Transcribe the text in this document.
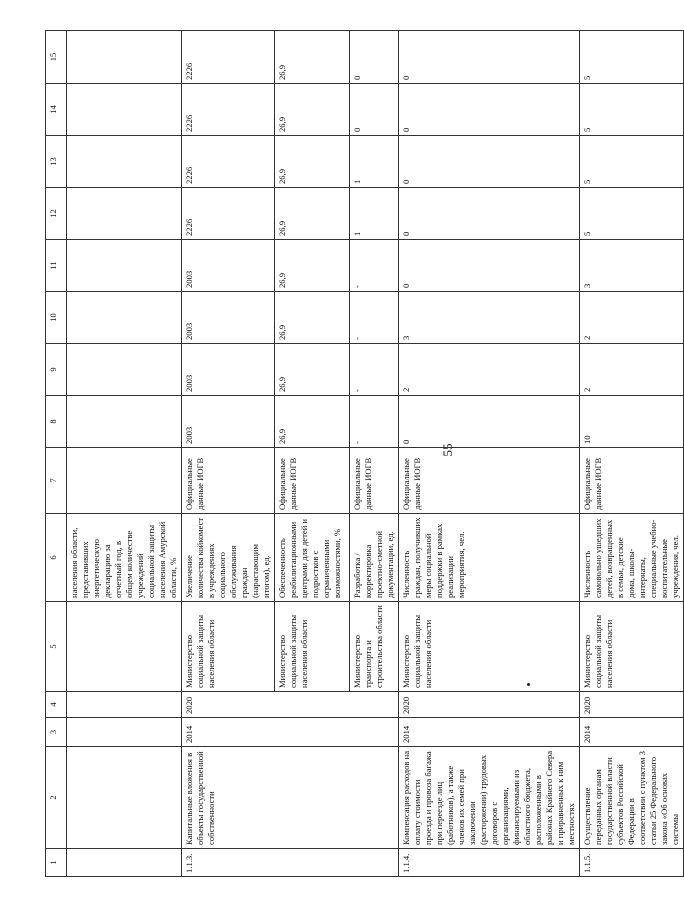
55
1	2	3	4	5	6	7	8	9	10	11	12	13	14	15
					населения области, представивших энергетическую декларацию за отчетный год, в общем количестве учреждений социальной защиты населения Амурской области, %									
1.1.3.	Капитальные вложения в объекты государственной собственности	2014	2020	Министерство социальной защиты населения области	Увеличение количества койкомест в учреждениях социального обслуживания граждан (нарастающим итогом), ед.	Официальные данные ИОГВ	2003	2003	2003	2003	2226	2226	2226	2226
				Министерство социальной защиты населения области	Обеспеченность реабилитационными центрами для детей и подростков с ограниченными возможностями, %	Официальные данные ИОГВ	26,9	26,9	26,9	26,9	26,9	26,9	26,9	26,9
				Министерство транспорта и строительства области	Разработка /корректировка проектно-сметной документации, ед.	Официальные данные ИОГВ	-	-	-	-	1	1	0	0
1.1.4.	Компенсация расходов на оплату стоимости проезда и провоза багажа при переезде лиц (работников), а также членов их семей при заключении (расторжении) трудовых договоров с организациями, финансируемыми из областного бюджета, расположенными в районах Крайнего Севера и приравненных к ним местностях	2014	2020	Министерство социальной защиты населения области	Численность граждан, получивших меры социальной поддержки в рамках реализации мероприятия, чел.	Официальные данные ИОГВ	0	2	3	0	0	0	0	0
1.1.5.	Осуществление переданных органам государственной власти субъектов Российской Федерации в соответствии с пунктом 3 статьи 25 Федерального закона «Об основах системы	2014	2020	Министерство социальной защиты населения области	Численность самовольно ушедших детей, возвращенных в семьи, детские дома, школы-интернаты, специальные учебно-воспитательные учреждения, чел.	Официальные данные ИОГВ	10	2	2	3	5	5	5	5
